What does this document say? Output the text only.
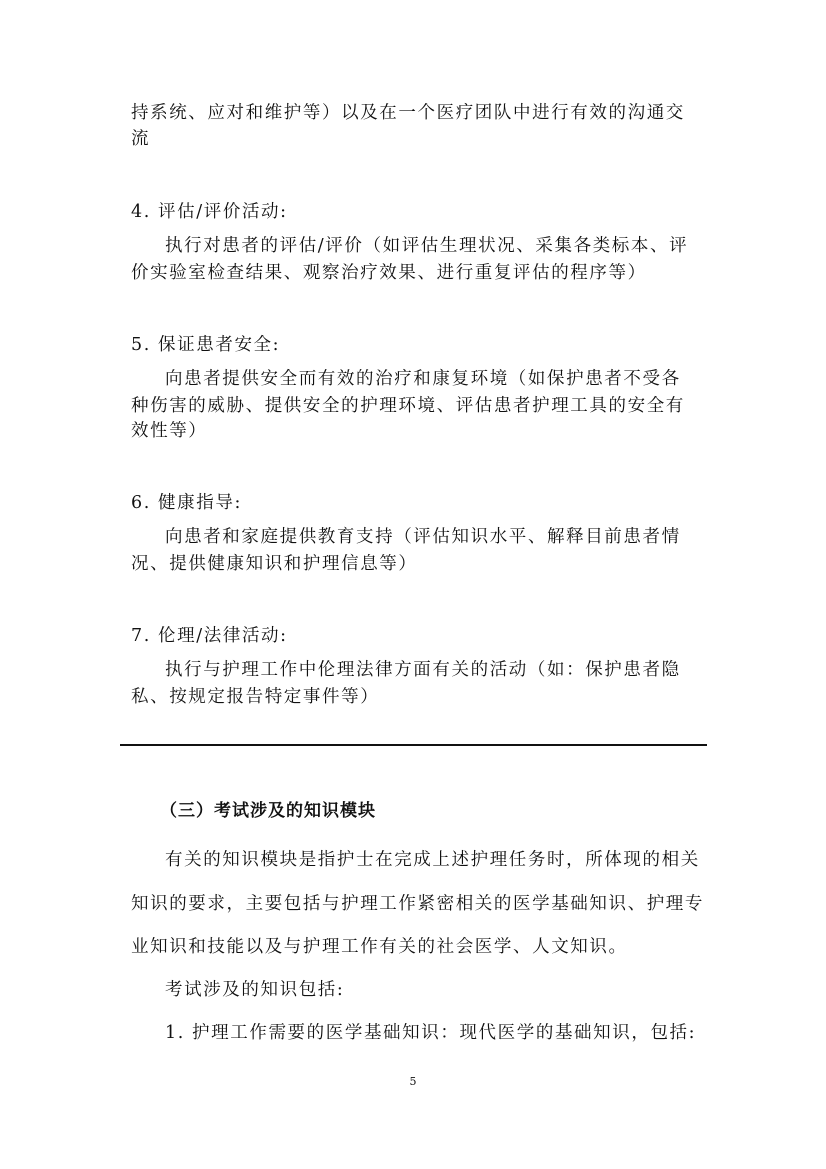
持系统、应对和维护等）以及在一个医疗团队中进行有效的沟通交
流
4. 评估/评价活动:
执行对患者的评估/评价（如评估生理状况、采集各类标本、评
价实验室检查结果、观察治疗效果、进行重复评估的程序等）
5. 保证患者安全:
向患者提供安全而有效的治疗和康复环境（如保护患者不受各
种伤害的威胁、提供安全的护理环境、评估患者护理工具的安全有
效性等）
6. 健康指导:
向患者和家庭提供教育支持（评估知识水平、解释目前患者情
况、提供健康知识和护理信息等）
7. 伦理/法律活动:
执行与护理工作中伦理法律方面有关的活动（如：保护患者隐
私、按规定报告特定事件等）
（三）考试涉及的知识模块
有关的知识模块是指护士在完成上述护理任务时，所体现的相关
知识的要求，主要包括与护理工作紧密相关的医学基础知识、护理专
业知识和技能以及与护理工作有关的社会医学、人文知识。
考试涉及的知识包括:
1. 护理工作需要的医学基础知识：现代医学的基础知识，包括:
5
